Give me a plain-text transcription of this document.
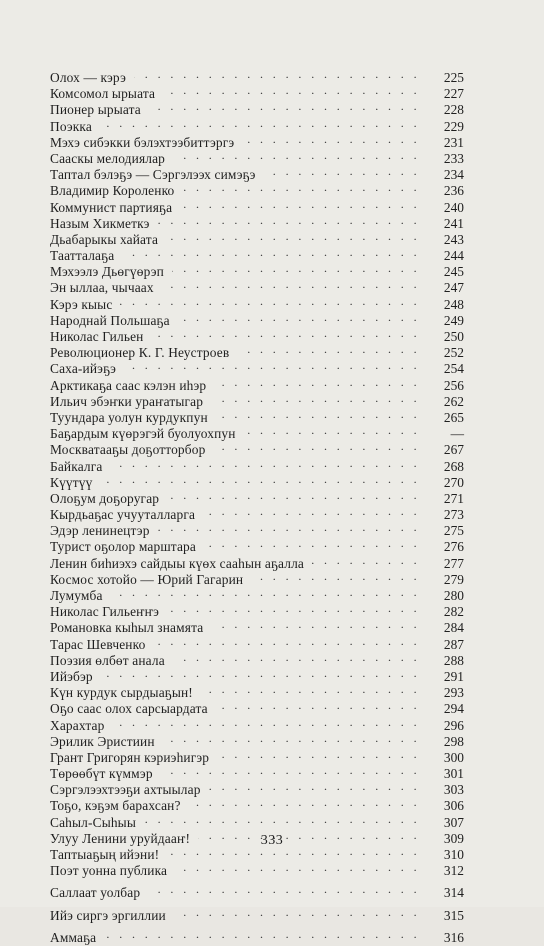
Олох — кэрэ . . .	225
Комсомол ырыата . . .	227
Пионер ырыата . . .	228
Поэкка . . .	229
Мэхэ сибэкки бэлэхтээбиттэргэ . . .	231
Сааскы мелодиялар . . .	233
Таптал бэлэҕэ — Сэргэлээх симэҕэ . . .	234
Владимир Короленко . . .	236
Коммунист партияҕа . . .	240
Назым Хикметкэ . . .	241
Дьабарыкы хайата . . .	243
Таатталаҕа . . .	244
Мэхээлэ Дьөгүөрэп . . .	245
Эн ыллаа, чычаах . . .	247
Кэрэ кыыс . . .	248
Народнай Польшаҕа . . .	249
Николас Гильен . . .	250
Революционер К. Г. Неустроев . . .	252
Саха-ийэҕэ . . .	254
Арктикаҕа саас кэлэн иһэр . . .	256
Ильич эбэҥки ураҥатыгар . . .	262
Туундара уолун курдукпун . . .	265
Баҕардым күөрэгэй буолуохпун . . .	—
Москватааҕы доҕотторбор . . .	267
Байкалга . . .	268
Күүтүү . . .	270
Олоҕум доҕоругар . . .	271
Кырдьаҕас учууталларга . . .	273
Эдэр ленинецтэр . . .	275
Турист оҕолор марштара . . .	276
Ленин биһиэхэ сайдыы күөх сааһын аҕалла . . .	277
Космос хотойо — Юрий Гагарин . . .	279
Лумумба . . .	280
Николас Гильеҥҥэ . . .	282
Романовка кыһыл знамята . . .	284
Тарас Шевченко . . .	287
Поэзия өлбөт анала . . .	288
Ийэбэр . . .	291
Күн курдук сырдыаҕын! . . .	293
Оҕо саас олох сарсыардата . . .	294
Харахтар . . .	296
Эрилик Эристиин . . .	298
Грант Григорян кэриэһигэр . . .	300
Төрөөбүт күммэр . . .	301
Сэргэлээхтээҕи ахтыылар . . .	303
Тоҕо, кэҕэм барахсан? . . .	306
Саһыл-Сыһыы . . .	307
Улуу Ленини уруйдааҥ! . . .	309
Таптыаҕың ийэни! . . .	310
Поэт уонна публика . . .	312
Саллаат уолбар . . .	314
Ийэ сиргэ эргиллии . . .	315
Аммаҕа . . .	316
333
